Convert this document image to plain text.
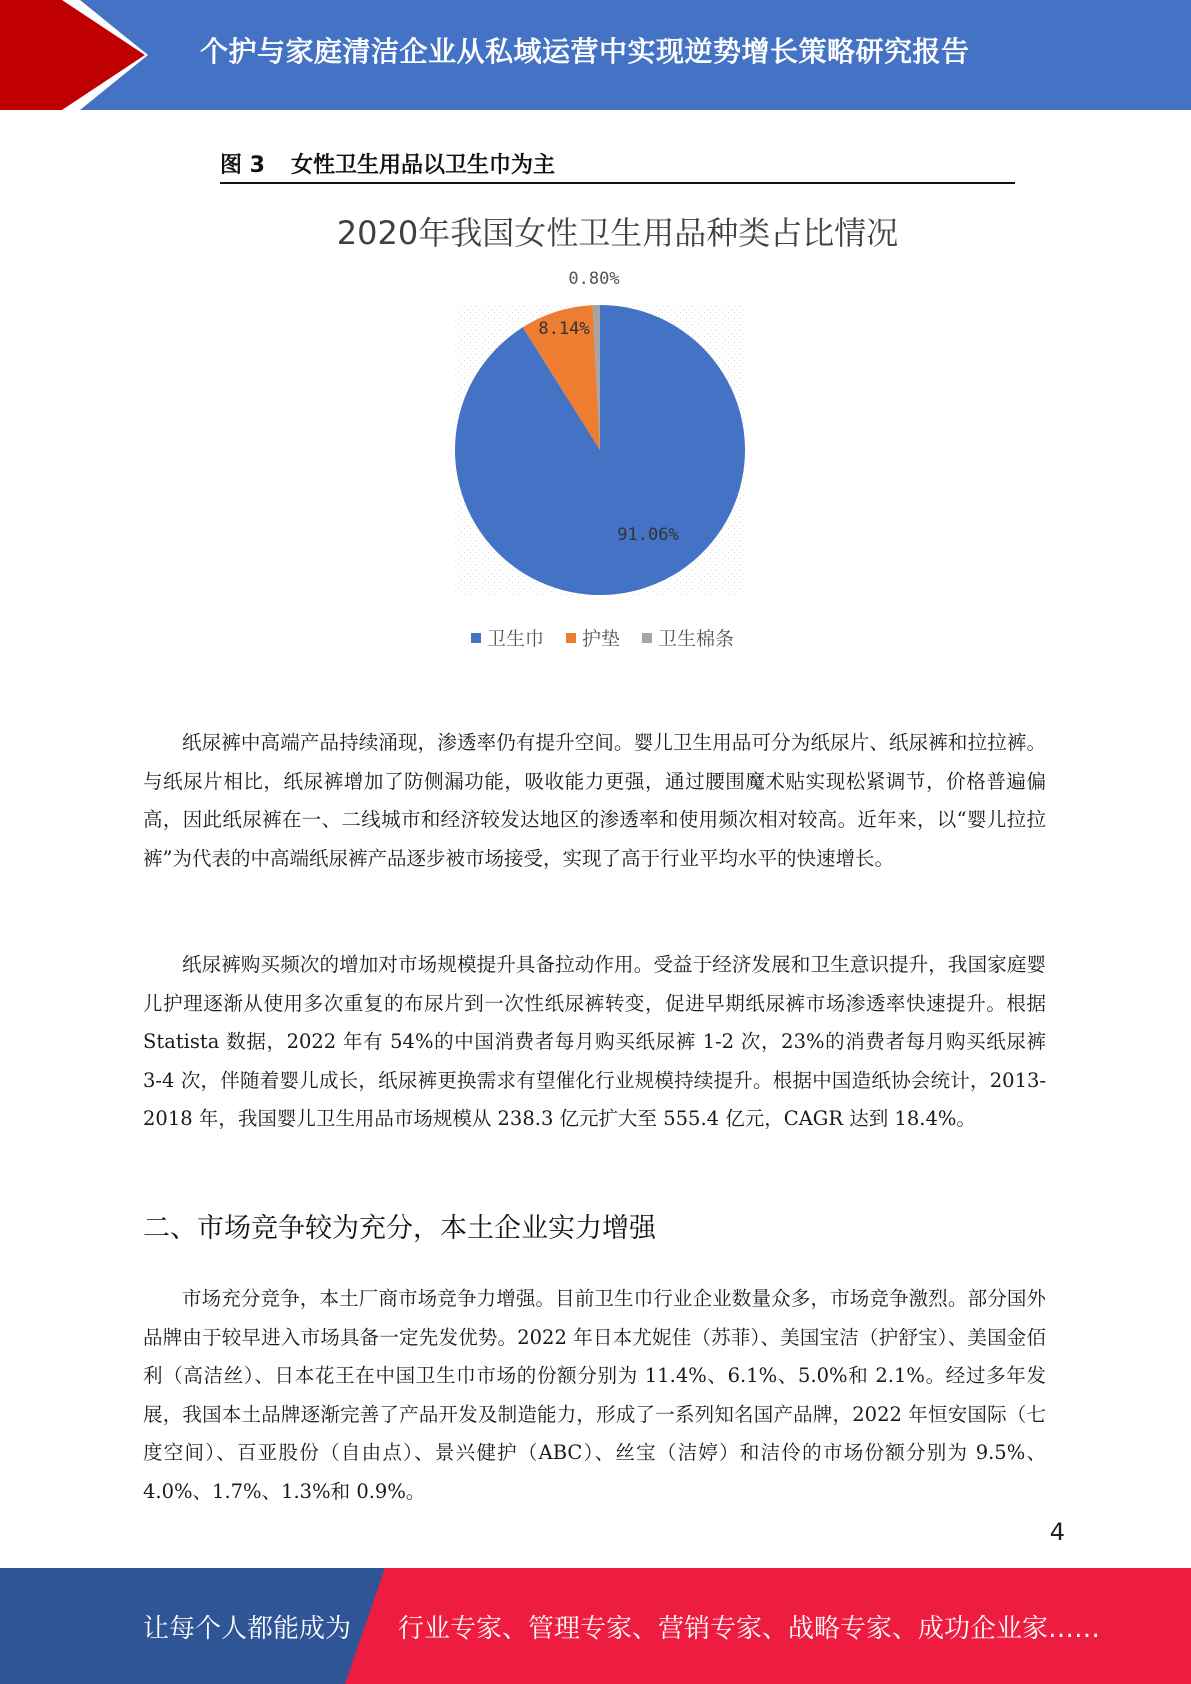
个护与家庭清洁企业从私域运营中实现逆势增长策略研究报告
图 3 女性卫生用品以卫生巾为主
2020年我国女性卫生用品种类占比情况
91.06%
8.14%
0.80%
卫生巾 护垫 卫生棉条

纸尿裤中高端产品持续涌现，渗透率仍有提升空间。婴儿卫生用品可分为纸尿片、纸尿裤和拉拉裤。与纸尿片相比，纸尿裤增加了防侧漏功能，吸收能力更强，通过腰围魔术贴实现松紧调节，价格普遍偏高，因此纸尿裤在一、二线城市和经济较发达地区的渗透率和使用频次相对较高。近年来，以“婴儿拉拉裤”为代表的中高端纸尿裤产品逐步被市场接受，实现了高于行业平均水平的快速增长。

纸尿裤购买频次的增加对市场规模提升具备拉动作用。受益于经济发展和卫生意识提升，我国家庭婴儿护理逐渐从使用多次重复的布尿片到一次性纸尿裤转变，促进早期纸尿裤市场渗透率快速提升。根据 Statista 数据，2022 年有 54%的中国消费者每月购买纸尿裤 1-2 次，23%的消费者每月购买纸尿裤 3-4 次，伴随着婴儿成长，纸尿裤更换需求有望催化行业规模持续提升。根据中国造纸协会统计，2013-2018 年，我国婴儿卫生用品市场规模从 238.3 亿元扩大至 555.4 亿元，CAGR 达到 18.4%。

二、市场竞争较为充分，本土企业实力增强

市场充分竞争，本土厂商市场竞争力增强。目前卫生巾行业企业数量众多，市场竞争激烈。部分国外品牌由于较早进入市场具备一定先发优势。2022 年日本尤妮佳（苏菲）、美国宝洁（护舒宝）、美国金佰利（高洁丝）、日本花王在中国卫生巾市场的份额分别为 11.4%、6.1%、5.0%和 2.1%。经过多年发展，我国本土品牌逐渐完善了产品开发及制造能力，形成了一系列知名国产品牌，2022 年恒安国际（七度空间）、百亚股份（自由点）、景兴健护（ABC）、丝宝（洁婷）和洁伶的市场份额分别为 9.5%、4.0%、1.7%、1.3%和 0.9%。

4
让每个人都能成为 行业专家、管理专家、营销专家、战略专家、成功企业家……
